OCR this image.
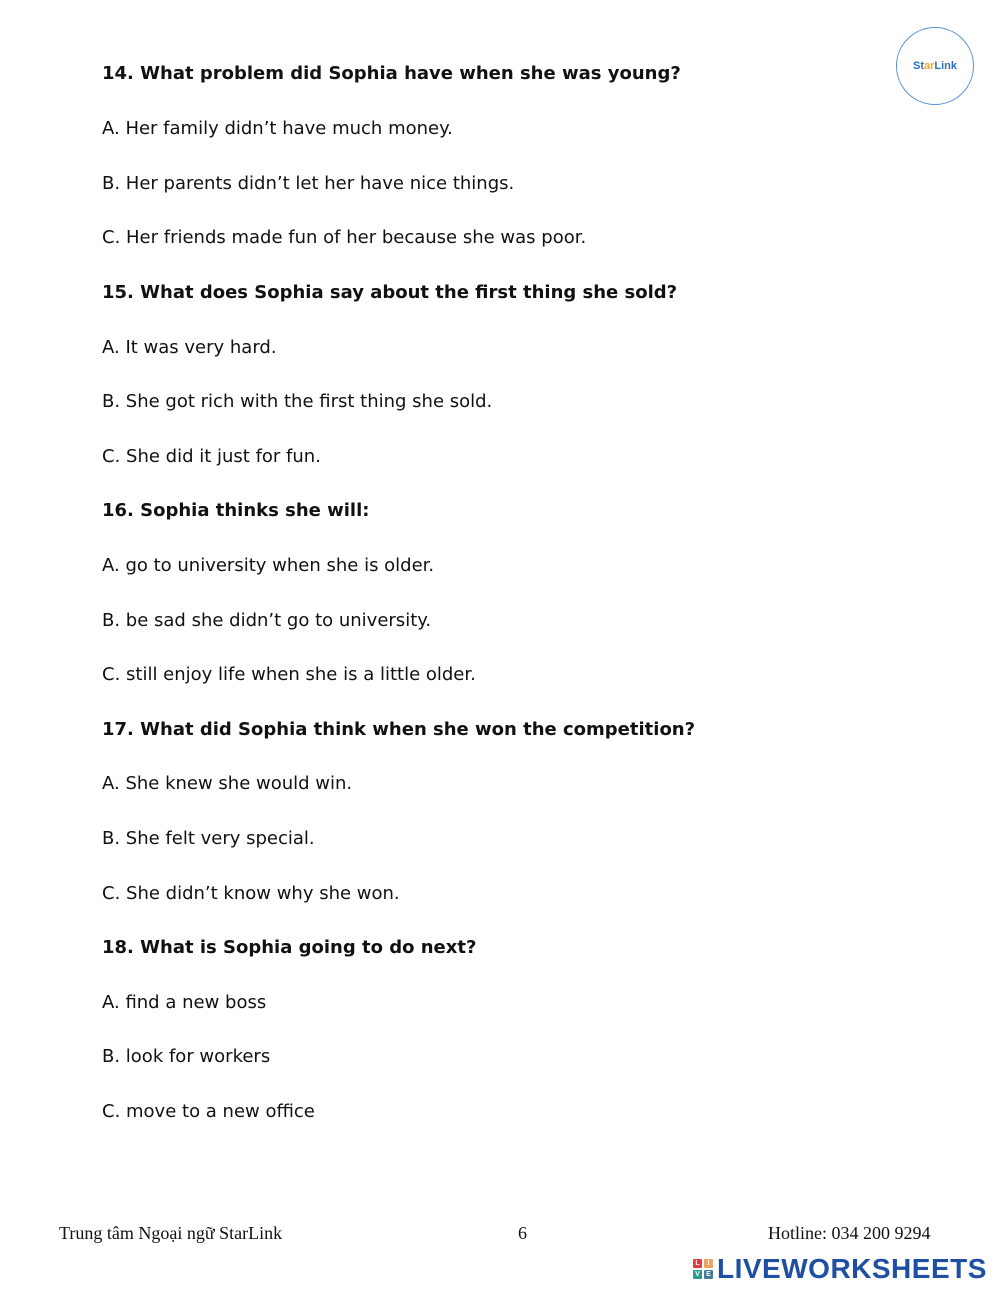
St ar Link
14. What problem did Sophia have when she was young?
A. Her family didn’t have much money.
B. Her parents didn’t let her have nice things.
C. Her friends made fun of her because she was poor.
15. What does Sophia say about the first thing she sold?
A. It was very hard.
B. She got rich with the first thing she sold.
C. She did it just for fun.
16. Sophia thinks she will:
A. go to university when she is older.
B. be sad she didn’t go to university.
C. still enjoy life when she is a little older.
17. What did Sophia think when she won the competition?
A. She knew she would win.
B. She felt very special.
C. She didn’t know why she won.
18. What is Sophia going to do next?
A. find a new boss
B. look for workers
C. move to a new office
Trung tâm Ngoại ngữ StarLink	6	Hotline: 034 200 9294
L	I
V E LIVEWORKSHEETS
